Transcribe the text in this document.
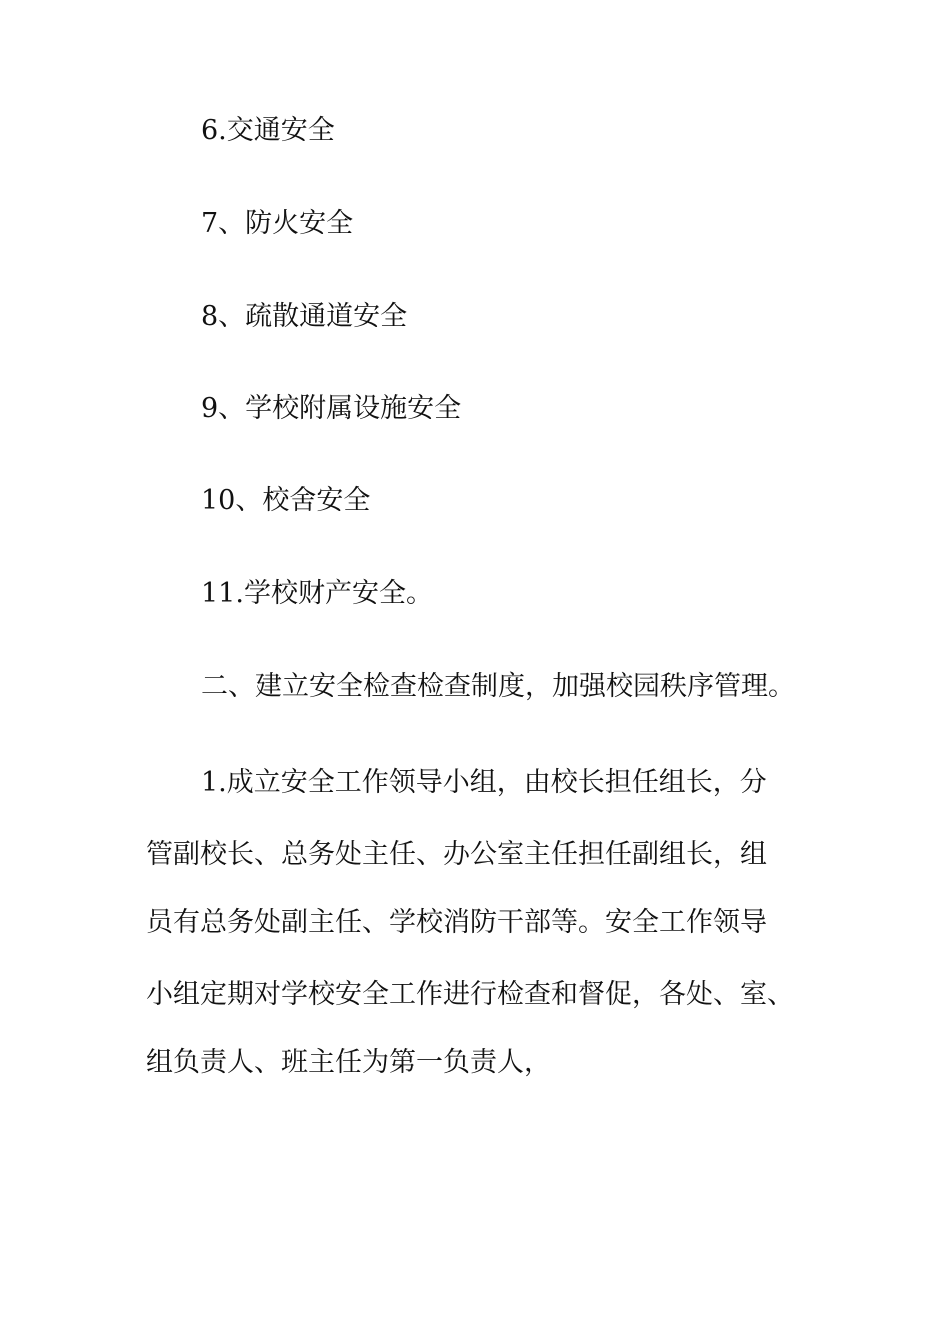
6.交通安全
7、防火安全
8、疏散通道安全
9、学校附属设施安全
10、校舍安全
11.学校财产安全。
二、建立安全检查检查制度，加强校园秩序管理。
1.成立安全工作领导小组，由校长担任组长，分
管副校长、总务处主任、办公室主任担任副组长，组
员有总务处副主任、学校消防干部等。安全工作领导
小组定期对学校安全工作进行检查和督促，各处、室、
组负责人、班主任为第一负责人，
